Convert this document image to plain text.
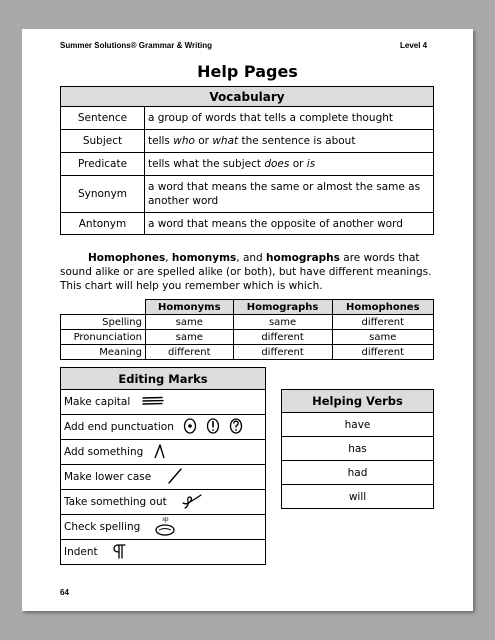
Summer Solutions® Grammar & Writing	Level 4
Help Pages
Vocabulary	
Sentence	a group of words that tells a complete thought
Subject	tells who or what the sentence is about
Predicate	tells what the subject does or is
Synonym	a word that means the same or almost the same as another word
Antonym	a word that means the opposite of another word
Homophones, homonyms, and homographs are words that sound alike or are spelled alike (or both), but have different meanings. This chart will help you remember which is which.
	Homonyms	Homographs	Homophones
Spelling	same	same	different
Pronunciation	same	different	same
Meaning	different	different	different
Editing Marks

Make capital

Add end punctuation

Add something

Make lower case

Take something out

Check spelling
sp

Indent
Helping Verbs
have
has
had
will
64
